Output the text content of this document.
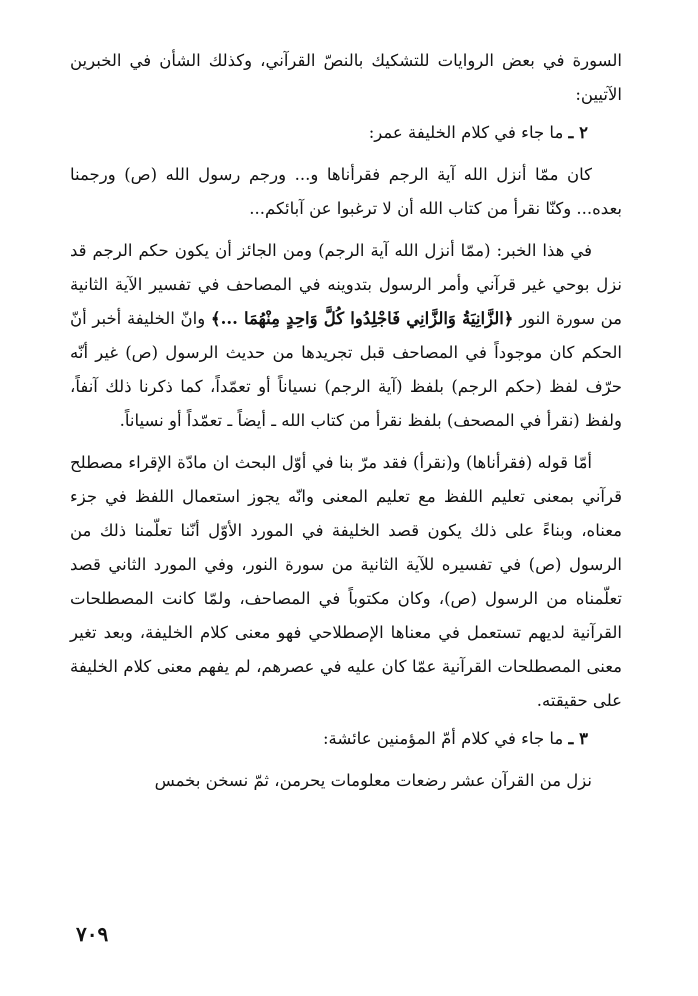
السورة في بعض الروايات للتشكيك بالنصّ القرآني، وكذلك الشأن في الخبرين الآتيين:

٢ ـ ما جاء في كلام الخليفة عمر:

كان ممّا أنزل الله آية الرجم فقرأناها و... ورجم رسول الله (ص) ورجمنا بعده... وكنّا نقرأ من كتاب الله أن لا ترغبوا عن آبائكم...

في هذا الخبر: (ممّا أنزل الله آية الرجم) ومن الجائز أن يكون حكم الرجم قد نزل بوحي غير قرآني وأمر الرسول بتدوينه في المصاحف في تفسير الآية الثانية من سورة النور ﴿الزَّانِيَةُ وَالزَّانِي فَاجْلِدُوا كُلَّ وَاحِدٍ مِنْهُمَا ...﴾ وانّ الخليفة أخبر أنّ الحكم كان موجوداً في المصاحف قبل تجريدها من حديث الرسول (ص) غير أنّه حرّف لفظ (حكم الرجم) بلفظ (آية الرجم) نسياناً أو تعمّداً، كما ذكرنا ذلك آنفاً، ولفظ (نقرأ في المصحف) بلفظ نقرأ من كتاب الله ـ أيضاً ـ تعمّداً أو نسياناً.

أمّا قوله (فقرأناها) و(نقرأ) فقد مرّ بنا في أوّل البحث ان مادّة الإقراء مصطلح قرآني بمعنى تعليم اللفظ مع تعليم المعنى وانّه يجوز استعمال اللفظ في جزء معناه، وبناءً على ذلك يكون قصد الخليفة في المورد الأوّل أنّنا تعلّمنا ذلك من الرسول (ص) في تفسيره للآية الثانية من سورة النور، وفي المورد الثاني قصد تعلّمناه من الرسول (ص)، وكان مكتوباً في المصاحف، ولمّا كانت المصطلحات القرآنية لديهم تستعمل في معناها الإصطلاحي فهو معنى كلام الخليفة، وبعد تغير معنى المصطلحات القرآنية عمّا كان عليه في عصرهم، لم يفهم معنى كلام الخليفة على حقيقته.

٣ ـ ما جاء في كلام أمّ المؤمنين عائشة:

نزل من القرآن عشر رضعات معلومات يحرمن، ثمّ نسخن بخمس

٧٠٩
